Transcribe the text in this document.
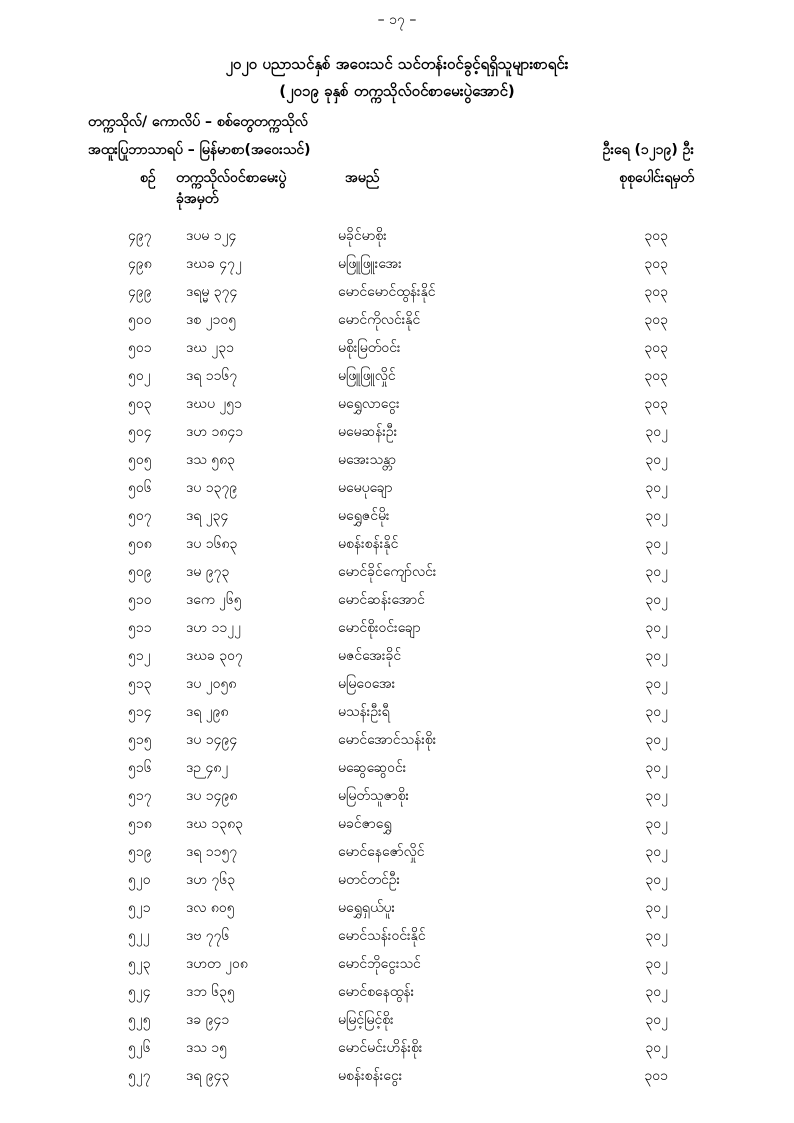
– ၁၇ –
၂၀၂၀ ပညာသင်နှစ် အဝေးသင် သင်တန်းဝင်ခွင့်ရရှိသူများစာရင်း
(၂၀၁၉ ခုနှစ် တက္ကသိုလ်ဝင်စာမေးပွဲအောင်)
တက္ကသိုလ်/ ကောလိပ် – စစ်တွေတက္ကသိုလ်
အထူးပြုဘာသာရပ် – မြန်မာစာ(အဝေးသင်)	ဦးရေ (၁၂၁၉) ဦး
စဉ် တက္ကသိုလ်ဝင်စာမေးပွဲ
ခုံအမှတ်
အမည်	စုစုပေါင်းရမှတ်
၄၉၇ ဒပမ ၁၂၄	မခိုင်မာစိုး	၃၀၃
၄၉၈ ဒဃခ ၄၇၂	မဖြူဖြူးအေး	၃၀၃
၄၉၉ ဒရမ္မ ၃၇၄	မောင်မောင်ထွန်းနိုင်	၃၀၃
၅၀၀ ဒစ ၂၁၀၅	မောင်ကိုလင်းနိုင်	၃၀၃
၅၀၁ ဒဃ ၂၃၁	မစိုးမြတ်ဝင်း	၃၀၃
၅၀၂	ဒရ ၁၁၆၇	မဖြူဖြူလှိုင်	၃၀၃
၅၀၃ ဒဃပ ၂၅၁	မရွှေလာငွေး	၃၀၃
၅၀၄ ဒဟ ၁၈၄၁	မမေဆန်းဦး	၃၀၂
၅၀၅ ဒသ ၅၈၃	မအေးသန္တာ	၃၀၂
၅၀၆ ဒပ ၁၃၇၉	မမေပုချော	၃၀၂
၅၀၇ ဒရ ၂၃၄	မရွှေဇင်မိုး	၃၀၂
၅၀၈ ဒပ ၁၆၈၃	မစန်းစန်းနိုင်	၃၀၂
၅၀၉ ဒမ ၉၇၃	မောင်ခိုင်ကျော်လင်း	၃၀၂
၅၁၀ ဒကေ ၂၆၅	မောင်ဆန်းအောင်	၃၀၂
၅၁၁ ဒဟ ၁၁၂၂	မောင်စိုးဝင်းချော	၃၀၂
၅၁၂	ဒဃခ ၃၀၇	မဇင်အေးခိုင်	၃၀၂
၅၁၃ ဒပ ၂၀၅၈	မမြဝေအေး	၃၀၂
၅၁၄ ဒရ ၂၉၈	မသန်းဦးရီ	၃၀၂
၅၁၅ ဒပ ၁၄၉၄	မောင်အောင်သန်းစိုး	၃၀၂
၅၁၆ ဒဉ ၄၈၂	မဆွေဆွေဝင်း	၃၀၂
၅၁၇ ဒပ ၁၄၉၈	မမြတ်သူဇာစိုး	၃၀၂
၅၁၈ ဒဃ ၁၃၈၃	မခင်ဇာရွှေ	၃၀၂
၅၁၉ ဒရ ၁၁၅၇	မောင်နေဇော်လှိုင်	၃၀၂
၅၂၀	ဒဟ ၇၆၃	မတင်တင်ဦး	၃၀၂
၅၂၁	ဒလ ၈၀၅	မရွှေရှယ်ပူး	၃၀၂
၅၂၂	ဒဗ ၇၇၆	မောင်သန်းဝင်းနိုင်	၃၀၂
၅၂၃	ဒဟတ ၂၀၈	မောင်ဘိုငွေးသင်	၃၀၂
၅၂၄	ဒဘ ၆၃၅	မောင်စနေထွန်း	၃၀၂
၅၂၅	ဒခ ၉၄၁	မမြင့်မြင့်စိုး	၃၀၂
၅၂၆	ဒသ ၁၅	မောင်မင်းဟိန်းစိုး	၃၀၂
၅၂၇	ဒရ ၉၄၃	မစန်းစန်းငွေး	၃၀၁
